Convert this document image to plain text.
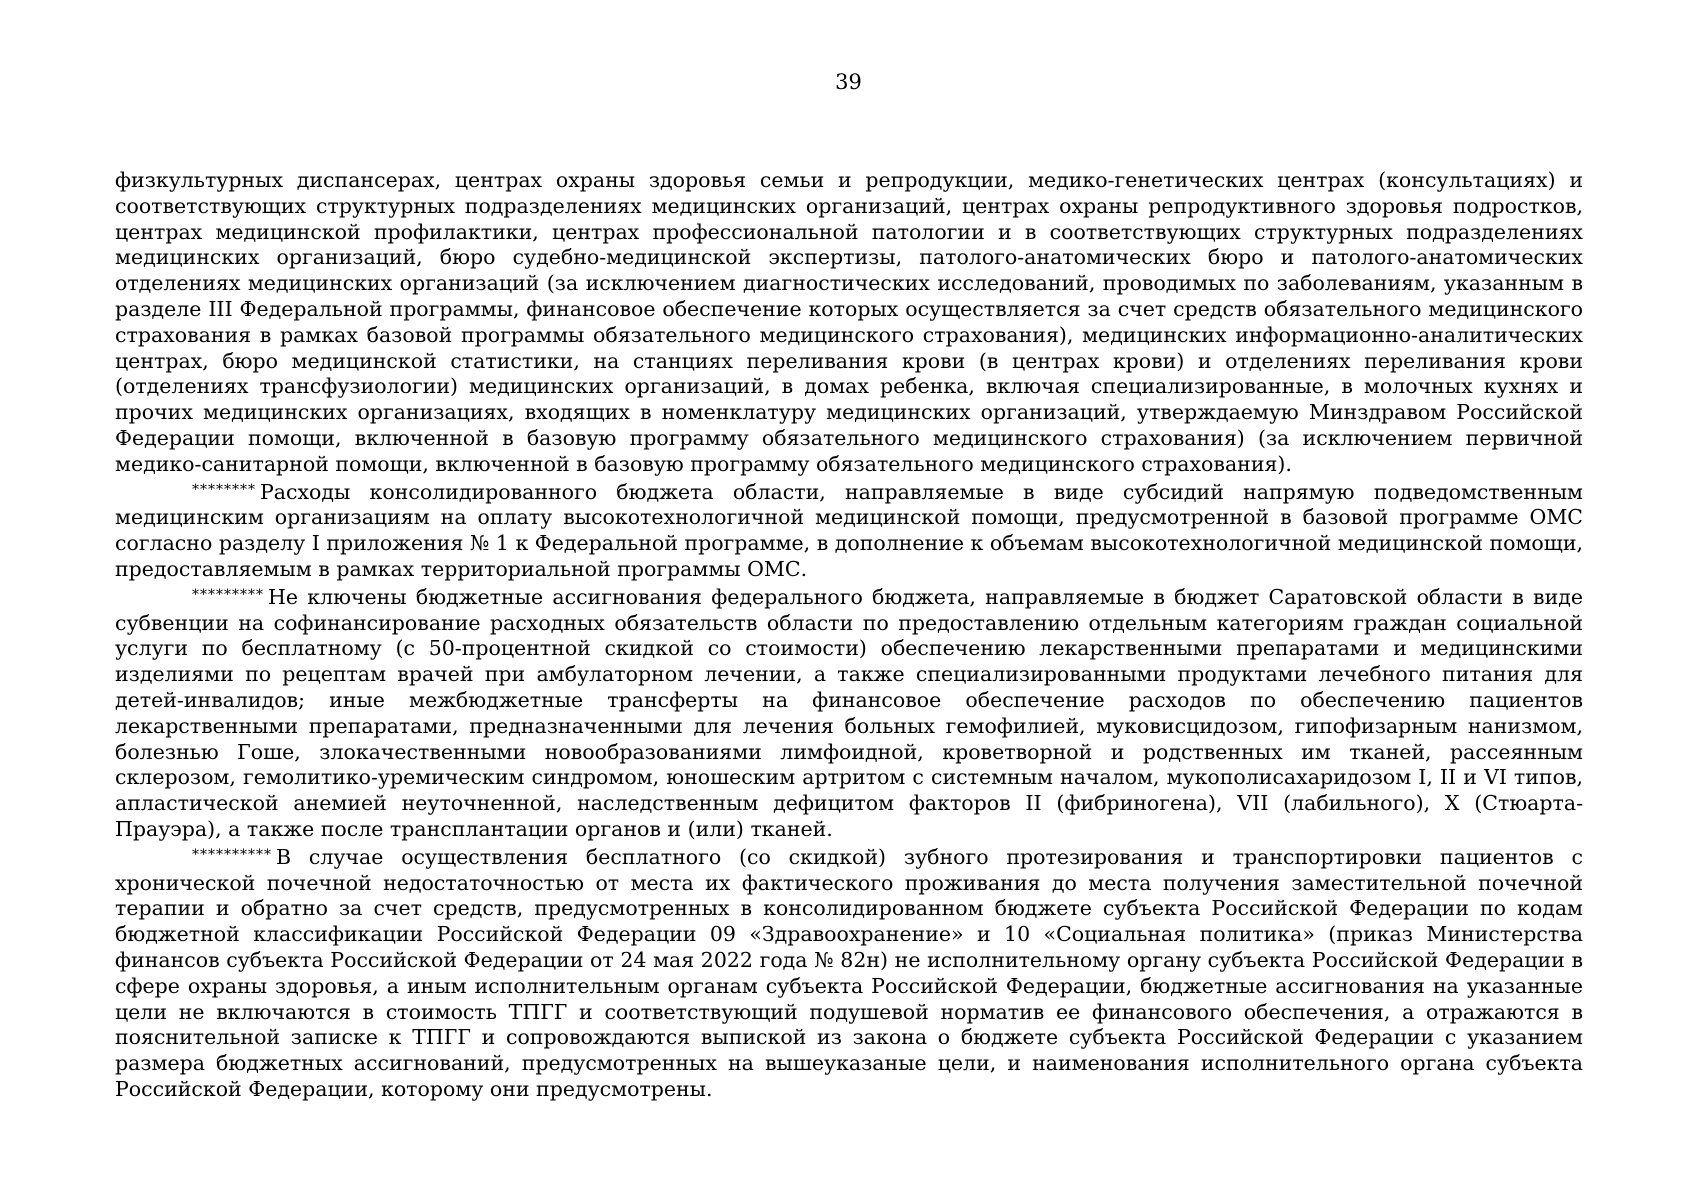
39

физкультурных диспансерах, центрах охраны здоровья семьи и репродукции, медико-генетических центрах (консультациях) и соответствующих структурных подразделениях медицинских организаций, центрах охраны репродуктивного здоровья подростков, центрах медицинской профилактики, центрах профессиональной патологии и в соответствующих структурных подразделениях медицинских организаций, бюро судебно-медицинской экспертизы, патолого-анатомических бюро и патолого-анатомических отделениях медицинских организаций (за исключением диагностических исследований, проводимых по заболеваниям, указанным в разделе III Федеральной программы, финансовое обеспечение которых осуществляется за счет средств обязательного медицинского страхования в рамках базовой программы обязательного медицинского страхования), медицинских информационно-аналитических центрах, бюро медицинской статистики, на станциях переливания крови (в центрах крови) и отделениях переливания крови (отделениях трансфузиологии) медицинских организаций, в домах ребенка, включая специализированные, в молочных кухнях и прочих медицинских организациях, входящих в номенклатуру медицинских организаций, утверждаемую Минздравом Российской Федерации помощи, включенной в базовую программу обязательного медицинского страхования) (за исключением первичной медико-санитарной помощи, включенной в базовую программу обязательного медицинского страхования).

******** Расходы консолидированного бюджета области, направляемые в виде субсидий напрямую подведомственным медицинским организациям на оплату высокотехнологичной медицинской помощи, предусмотренной в базовой программе ОМС согласно разделу I приложения № 1 к Федеральной программе, в дополнение к объемам высокотехнологичной медицинской помощи, предоставляемым в рамках территориальной программы ОМС.

********* Не ключены бюджетные ассигнования федерального бюджета, направляемые в бюджет Саратовской области в виде субвенции на софинансирование расходных обязательств области по предоставлению отдельным категориям граждан социальной услуги по бесплатному (с 50-процентной скидкой со стоимости) обеспечению лекарственными препаратами и медицинскими изделиями по рецептам врачей при амбулаторном лечении, а также специализированными продуктами лечебного питания для детей-инвалидов; иные межбюджетные трансферты на финансовое обеспечение расходов по обеспечению пациентов лекарственными препаратами, предназначенными для лечения больных гемофилией, муковисцидозом, гипофизарным нанизмом, болезнью Гоше, злокачественными новообразованиями лимфоидной, кроветворной и родственных им тканей, рассеянным склерозом, гемолитико-уремическим синдромом, юношеским артритом с системным началом, мукополисахаридозом I, II и VI типов, апластической анемией неуточненной, наследственным дефицитом факторов II (фибриногена), VII (лабильного), X (Стюарта-Прауэра), а также после трансплантации органов и (или) тканей.

********** В случае осуществления бесплатного (со скидкой) зубного протезирования и транспортировки пациентов с хронической почечной недостаточностью от места их фактического проживания до места получения заместительной почечной терапии и обратно за счет средств, предусмотренных в консолидированном бюджете субъекта Российской Федерации по кодам бюджетной классификации Российской Федерации 09 «Здравоохранение» и 10 «Социальная политика» (приказ Министерства финансов субъекта Российской Федерации от 24 мая 2022 года № 82н) не исполнительному органу субъекта Российской Федерации в сфере охраны здоровья, а иным исполнительным органам субъекта Российской Федерации, бюджетные ассигнования на указанные цели не включаются в стоимость ТПГГ и соответствующий подушевой норматив ее финансового обеспечения, а отражаются в пояснительной записке к ТПГГ и сопровождаются выпиской из закона о бюджете субъекта Российской Федерации с указанием размера бюджетных ассигнований, предусмотренных на вышеуказаные цели, и наименования исполнительного органа субъекта Российской Федерации, которому они предусмотрены.
